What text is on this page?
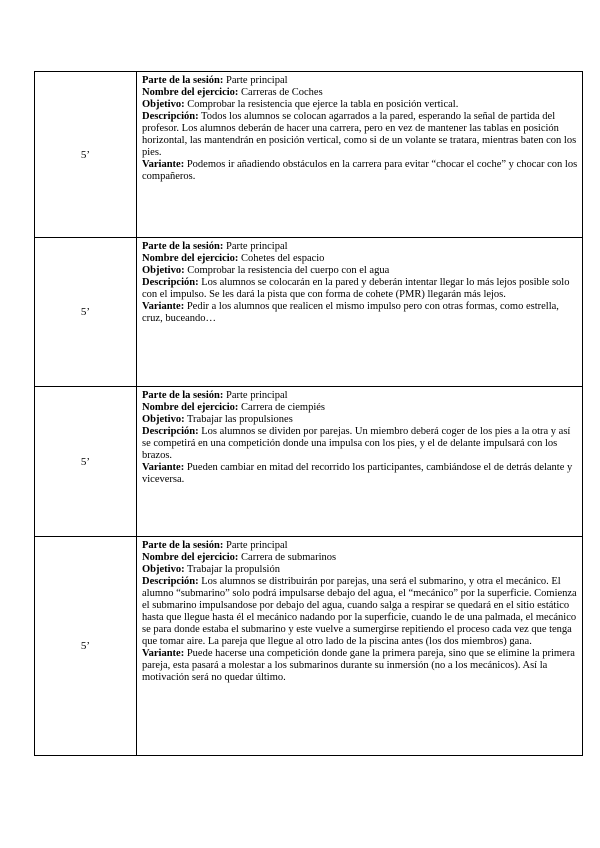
5’	Parte de la sesión: Parte principal
Nombre del ejercicio: Carreras de Coches
Objetivo: Comprobar la resistencia que ejerce la tabla en posición vertical.
Descripción: Todos los alumnos se colocan agarrados a la pared, esperando la señal de partida del profesor. Los alumnos deberán de hacer una carrera, pero en vez de mantener las tablas en posición horizontal, las mantendrán en posición vertical, como si de un volante se tratara, mientras baten con los pies.
Variante: Podemos ir añadiendo obstáculos en la carrera para evitar “chocar el coche” y chocar con los compañeros.

5’	Parte de la sesión: Parte principal
Nombre del ejercicio: Cohetes del espacio
Objetivo: Comprobar la resistencia del cuerpo con el agua
Descripción: Los alumnos se colocarán en la pared y deberán intentar llegar lo más lejos posible solo con el impulso. Se les dará la pista que con forma de cohete (PMR) llegarán más lejos.
Variante: Pedir a los alumnos que realicen el mismo impulso pero con otras formas, como estrella, cruz, buceando…

5’	Parte de la sesión: Parte principal
Nombre del ejercicio: Carrera de ciempiés
Objetivo: Trabajar las propulsiones
Descripción: Los alumnos se dividen por parejas. Un miembro deberá coger de los pies a la otra y así se competirá en una competición donde una impulsa con los pies, y el de delante impulsará con los brazos.
Variante: Pueden cambiar en mitad del recorrido los participantes, cambiándose el de detrás delante y viceversa.

5’	Parte de la sesión: Parte principal
Nombre del ejercicio: Carrera de submarinos
Objetivo: Trabajar la propulsión
Descripción: Los alumnos se distribuirán por parejas, una será el submarino, y otra el mecánico. El alumno “submarino” solo podrá impulsarse debajo del agua, el “mecánico” por la superficie. Comienza el submarino impulsandose por debajo del agua, cuando salga a respirar se quedará en el sitio estático hasta que llegue hasta él el mecánico nadando por la superficie, cuando le de una palmada, el mecánico se para donde estaba el submarino y este vuelve a sumergirse repitiendo el proceso cada vez que tenga que tomar aire. La pareja que llegue al otro lado de la piscina antes (los dos miembros) gana.
Variante: Puede hacerse una competición donde gane la primera pareja, sino que se elimine la primera pareja, esta pasará a molestar a los submarinos durante su inmersión (no a los mecánicos). Así la motivación será no quedar último.
